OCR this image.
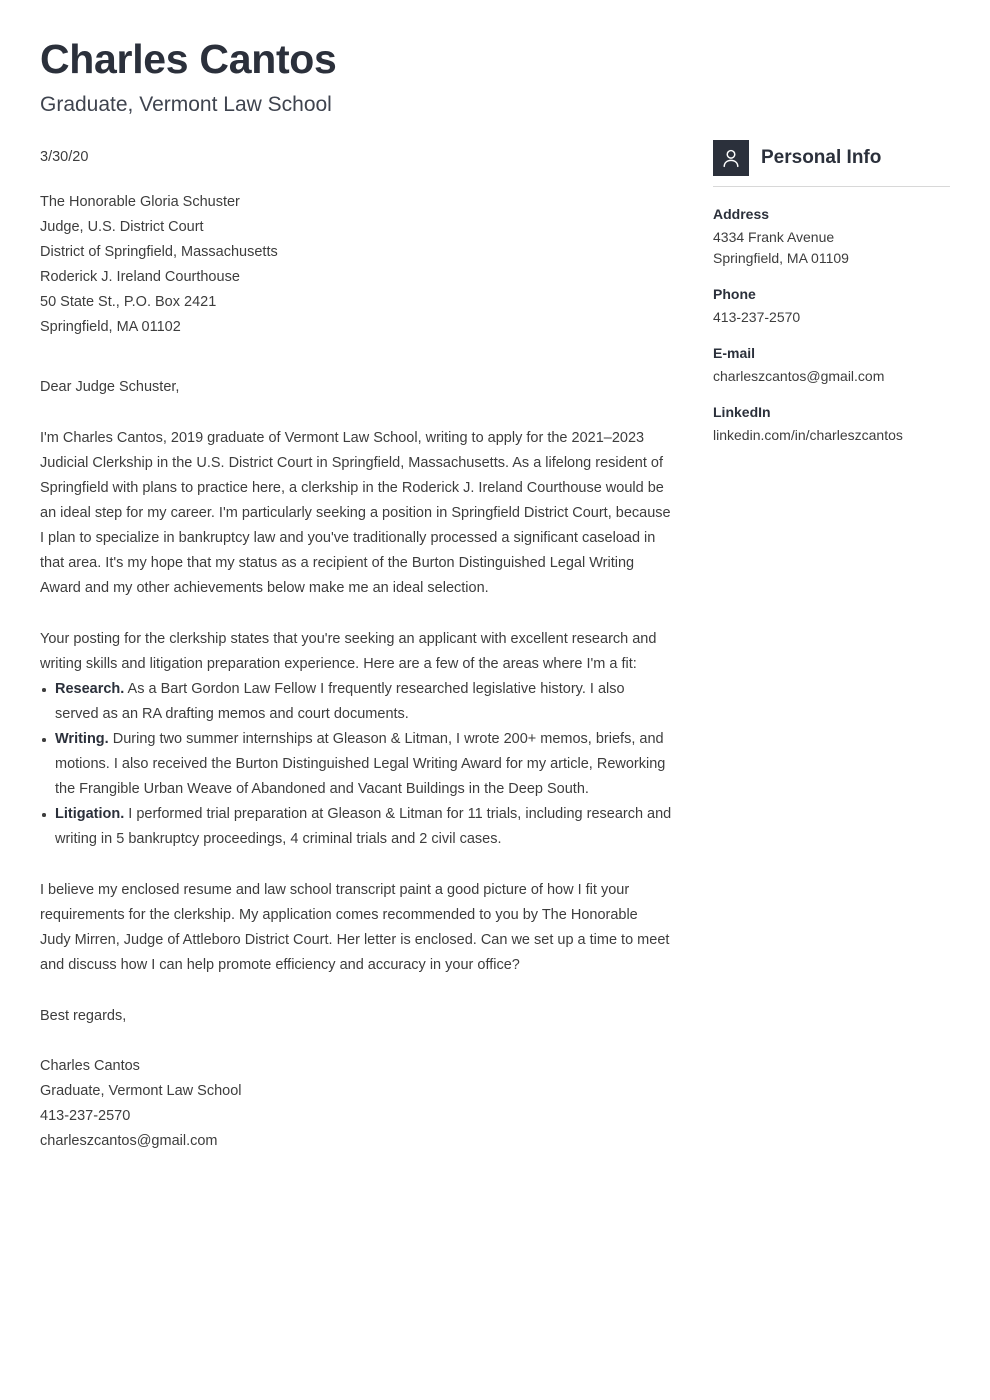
Charles Cantos
Graduate, Vermont Law School
3/30/20
The Honorable Gloria Schuster
Judge, U.S. District Court
District of Springfield, Massachusetts
Roderick J. Ireland Courthouse
50 State St., P.O. Box 2421
Springfield, MA 01102

Dear Judge Schuster,

I'm Charles Cantos, 2019 graduate of Vermont Law School, writing to apply for the 2021–2023 Judicial Clerkship in the U.S. District Court in Springfield, Massachusetts. As a lifelong resident of Springfield with plans to practice here, a clerkship in the Roderick J. Ireland Courthouse would be an ideal step for my career. I'm particularly seeking a position in Springfield District Court, because I plan to specialize in bankruptcy law and you've traditionally processed a significant caseload in that area. It's my hope that my status as a recipient of the Burton Distinguished Legal Writing Award and my other achievements below make me an ideal selection.

Your posting for the clerkship states that you're seeking an applicant with excellent research and writing skills and litigation preparation experience. Here are a few of the areas where I'm a fit:

Research. As a Bart Gordon Law Fellow I frequently researched legislative history. I also served as an RA drafting memos and court documents.
Writing. During two summer internships at Gleason & Litman, I wrote 200+ memos, briefs, and motions. I also received the Burton Distinguished Legal Writing Award for my article, Reworking the Frangible Urban Weave of Abandoned and Vacant Buildings in the Deep South.
Litigation. I performed trial preparation at Gleason & Litman for 11 trials, including research and writing in 5 bankruptcy proceedings, 4 criminal trials and 2 civil cases.

I believe my enclosed resume and law school transcript paint a good picture of how I fit your requirements for the clerkship. My application comes recommended to you by The Honorable Judy Mirren, Judge of Attleboro District Court. Her letter is enclosed. Can we set up a time to meet and discuss how I can help promote efficiency and accuracy in your office?

Best regards,

Charles Cantos
Graduate, Vermont Law School
413-237-2570
charleszcantos@gmail.com
Personal Info
Address
4334 Frank Avenue
Springfield, MA 01109
Phone
413-237-2570
E-mail
charleszcantos@gmail.com
LinkedIn
linkedin.com/in/charleszcantos
